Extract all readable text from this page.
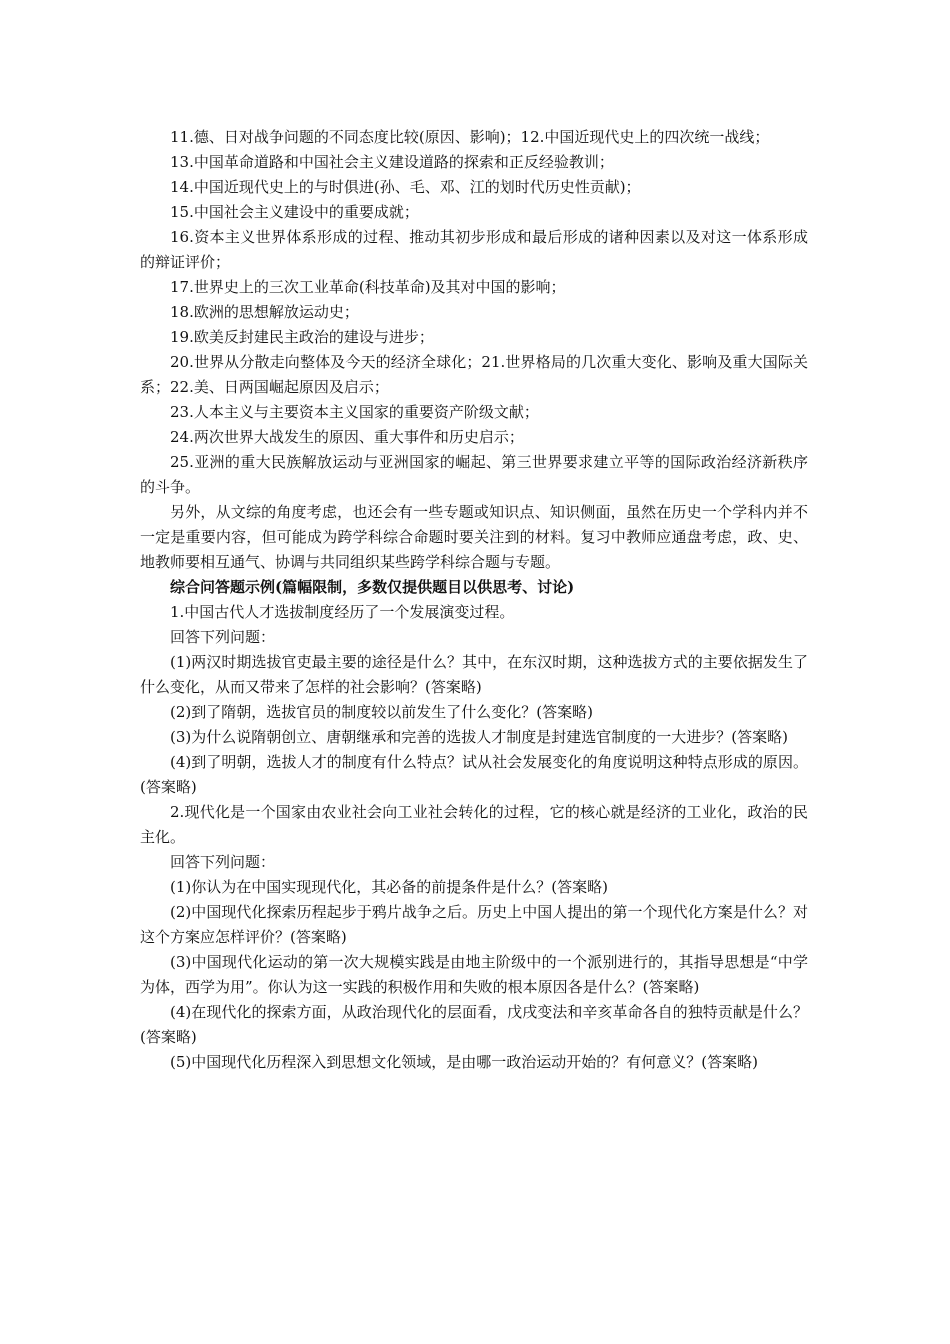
11.德、日对战争问题的不同态度比较(原因、影响)；12.中国近现代史上的四次统一战线；

13.中国革命道路和中国社会主义建设道路的探索和正反经验教训；

14.中国近现代史上的与时俱进(孙、毛、邓、江的划时代历史性贡献)；

15.中国社会主义建设中的重要成就；

16.资本主义世界体系形成的过程、推动其初步形成和最后形成的诸种因素以及对这一体系形成的辩证评价；

17.世界史上的三次工业革命(科技革命)及其对中国的影响；

18.欧洲的思想解放运动史；

19.欧美反封建民主政治的建设与进步；

20.世界从分散走向整体及今天的经济全球化；21.世界格局的几次重大变化、影响及重大国际关系；22.美、日两国崛起原因及启示；

23.人本主义与主要资本主义国家的重要资产阶级文献；

24.两次世界大战发生的原因、重大事件和历史启示；

25.亚洲的重大民族解放运动与亚洲国家的崛起、第三世界要求建立平等的国际政治经济新秩序的斗争。

另外，从文综的角度考虑，也还会有一些专题或知识点、知识侧面，虽然在历史一个学科内并不一定是重要内容，但可能成为跨学科综合命题时要关注到的材料。复习中教师应通盘考虑，政、史、地教师要相互通气、协调与共同组织某些跨学科综合题与专题。

综合问答题示例(篇幅限制，多数仅提供题目以供思考、讨论)

1.中国古代人才选拔制度经历了一个发展演变过程。

回答下列问题：

(1)两汉时期选拔官吏最主要的途径是什么？其中，在东汉时期，这种选拔方式的主要依据发生了什么变化，从而又带来了怎样的社会影响？(答案略)

(2)到了隋朝，选拔官员的制度较以前发生了什么变化？(答案略)

(3)为什么说隋朝创立、唐朝继承和完善的选拔人才制度是封建选官制度的一大进步？(答案略)

(4)到了明朝，选拔人才的制度有什么特点？试从社会发展变化的角度说明这种特点形成的原因。(答案略)

2.现代化是一个国家由农业社会向工业社会转化的过程，它的核心就是经济的工业化，政治的民主化。

回答下列问题：

(1)你认为在中国实现现代化，其必备的前提条件是什么？(答案略)

(2)中国现代化探索历程起步于鸦片战争之后。历史上中国人提出的第一个现代化方案是什么？对这个方案应怎样评价？(答案略)

(3)中国现代化运动的第一次大规模实践是由地主阶级中的一个派别进行的，其指导思想是“中学为体，西学为用”。你认为这一实践的积极作用和失败的根本原因各是什么？(答案略)

(4)在现代化的探索方面，从政治现代化的层面看，戊戌变法和辛亥革命各自的独特贡献是什么？(答案略)

(5)中国现代化历程深入到思想文化领域，是由哪一政治运动开始的？有何意义？(答案略)
